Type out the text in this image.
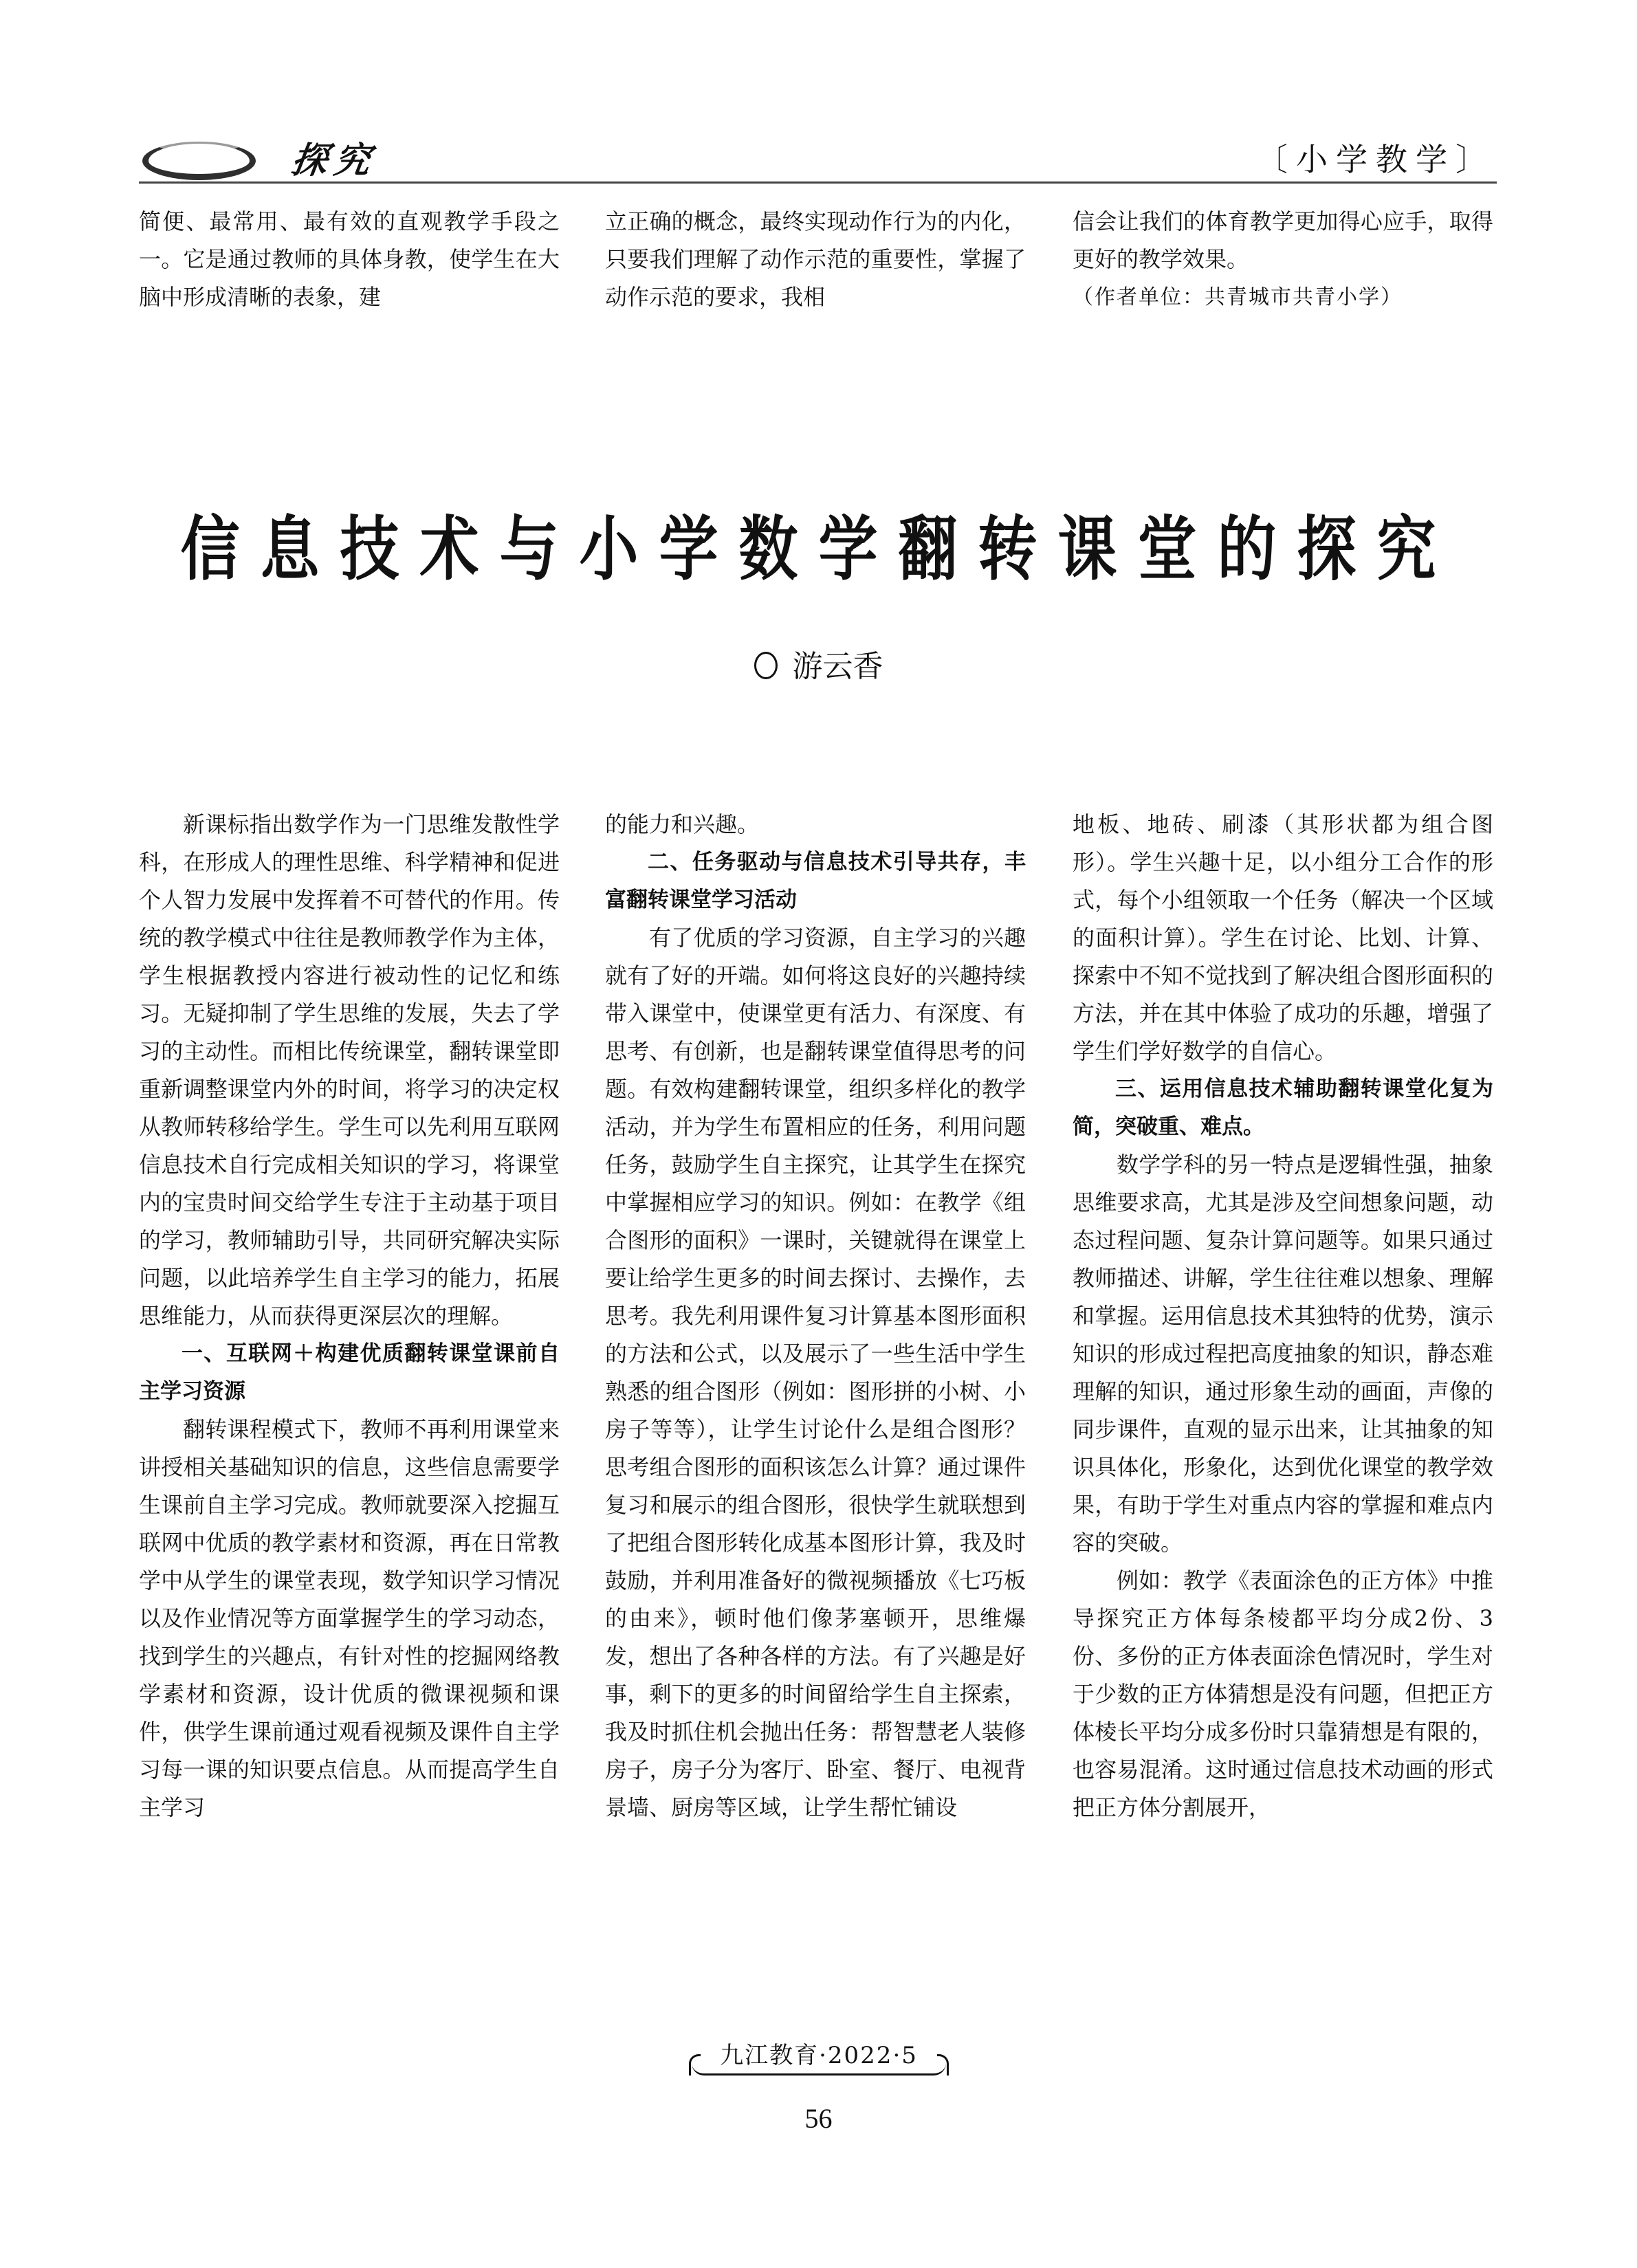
探究	〔小学教学〕

简便、最常用、最有效的直观教学手段之一。它是通过教师的具体身教，使学生在大脑中形成清晰的表象，建

立正确的概念，最终实现动作行为的内化，只要我们理解了动作示范的重要性，掌握了动作示范的要求，我相

信会让我们的体育教学更加得心应手，取得更好的教学效果。

（作者单位：共青城市共青小学）

信息技术与小学数学翻转课堂的探究
游云香

新课标指出数学作为一门思维发散性学科，在形成人的理性思维、科学精神和促进个人智力发展中发挥着不可替代的作用。传统的教学模式中往往是教师教学作为主体，学生根据教授内容进行被动性的记忆和练习。无疑抑制了学生思维的发展，失去了学习的主动性。而相比传统课堂，翻转课堂即重新调整课堂内外的时间，将学习的决定权从教师转移给学生。学生可以先利用互联网信息技术自行完成相关知识的学习，将课堂内的宝贵时间交给学生专注于主动基于项目的学习，教师辅助引导，共同研究解决实际问题，以此培养学生自主学习的能力，拓展思维能力，从而获得更深层次的理解。

一、互联网＋构建优质翻转课堂课前自主学习资源

翻转课程模式下，教师不再利用课堂来讲授相关基础知识的信息，这些信息需要学生课前自主学习完成。教师就要深入挖掘互联网中优质的教学素材和资源，再在日常教学中从学生的课堂表现，数学知识学习情况以及作业情况等方面掌握学生的学习动态，找到学生的兴趣点，有针对性的挖掘网络教学素材和资源，设计优质的微课视频和课件，供学生课前通过观看视频及课件自主学习每一课的知识要点信息。从而提高学生自主学习

的能力和兴趣。

二、任务驱动与信息技术引导共存，丰富翻转课堂学习活动

有了优质的学习资源，自主学习的兴趣就有了好的开端。如何将这良好的兴趣持续带入课堂中，使课堂更有活力、有深度、有思考、有创新，也是翻转课堂值得思考的问题。有效构建翻转课堂，组织多样化的教学活动，并为学生布置相应的任务，利用问题任务，鼓励学生自主探究，让其学生在探究中掌握相应学习的知识。例如：在教学《组合图形的面积》一课时，关键就得在课堂上要让给学生更多的时间去探讨、去操作，去思考。我先利用课件复习计算基本图形面积的方法和公式，以及展示了一些生活中学生熟悉的组合图形（例如：图形拼的小树、小房子等等），让学生讨论什么是组合图形？思考组合图形的面积该怎么计算？通过课件复习和展示的组合图形，很快学生就联想到了把组合图形转化成基本图形计算，我及时鼓励，并利用准备好的微视频播放《七巧板的由来》，顿时他们像茅塞顿开，思维爆发，想出了各种各样的方法。有了兴趣是好事，剩下的更多的时间留给学生自主探索，我及时抓住机会抛出任务：帮智慧老人装修房子，房子分为客厅、卧室、餐厅、电视背景墙、厨房等区域，让学生帮忙铺设

地板、地砖、刷漆（其形状都为组合图形）。学生兴趣十足，以小组分工合作的形式，每个小组领取一个任务（解决一个区域的面积计算）。学生在讨论、比划、计算、探索中不知不觉找到了解决组合图形面积的方法，并在其中体验了成功的乐趣，增强了学生们学好数学的自信心。

三、运用信息技术辅助翻转课堂化复为简，突破重、难点。

数学学科的另一特点是逻辑性强，抽象思维要求高，尤其是涉及空间想象问题，动态过程问题、复杂计算问题等。如果只通过教师描述、讲解，学生往往难以想象、理解和掌握。运用信息技术其独特的优势，演示知识的形成过程把高度抽象的知识，静态难理解的知识，通过形象生动的画面，声像的同步课件，直观的显示出来，让其抽象的知识具体化，形象化，达到优化课堂的教学效果，有助于学生对重点内容的掌握和难点内容的突破。

例如：教学《表面涂色的正方体》中推导探究正方体每条棱都平均分成2份、3份、多份的正方体表面涂色情况时，学生对于少数的正方体猜想是没有问题，但把正方体棱长平均分成多份时只靠猜想是有限的，也容易混淆。这时通过信息技术动画的形式把正方体分割展开，

九江教育·2022·5
56
